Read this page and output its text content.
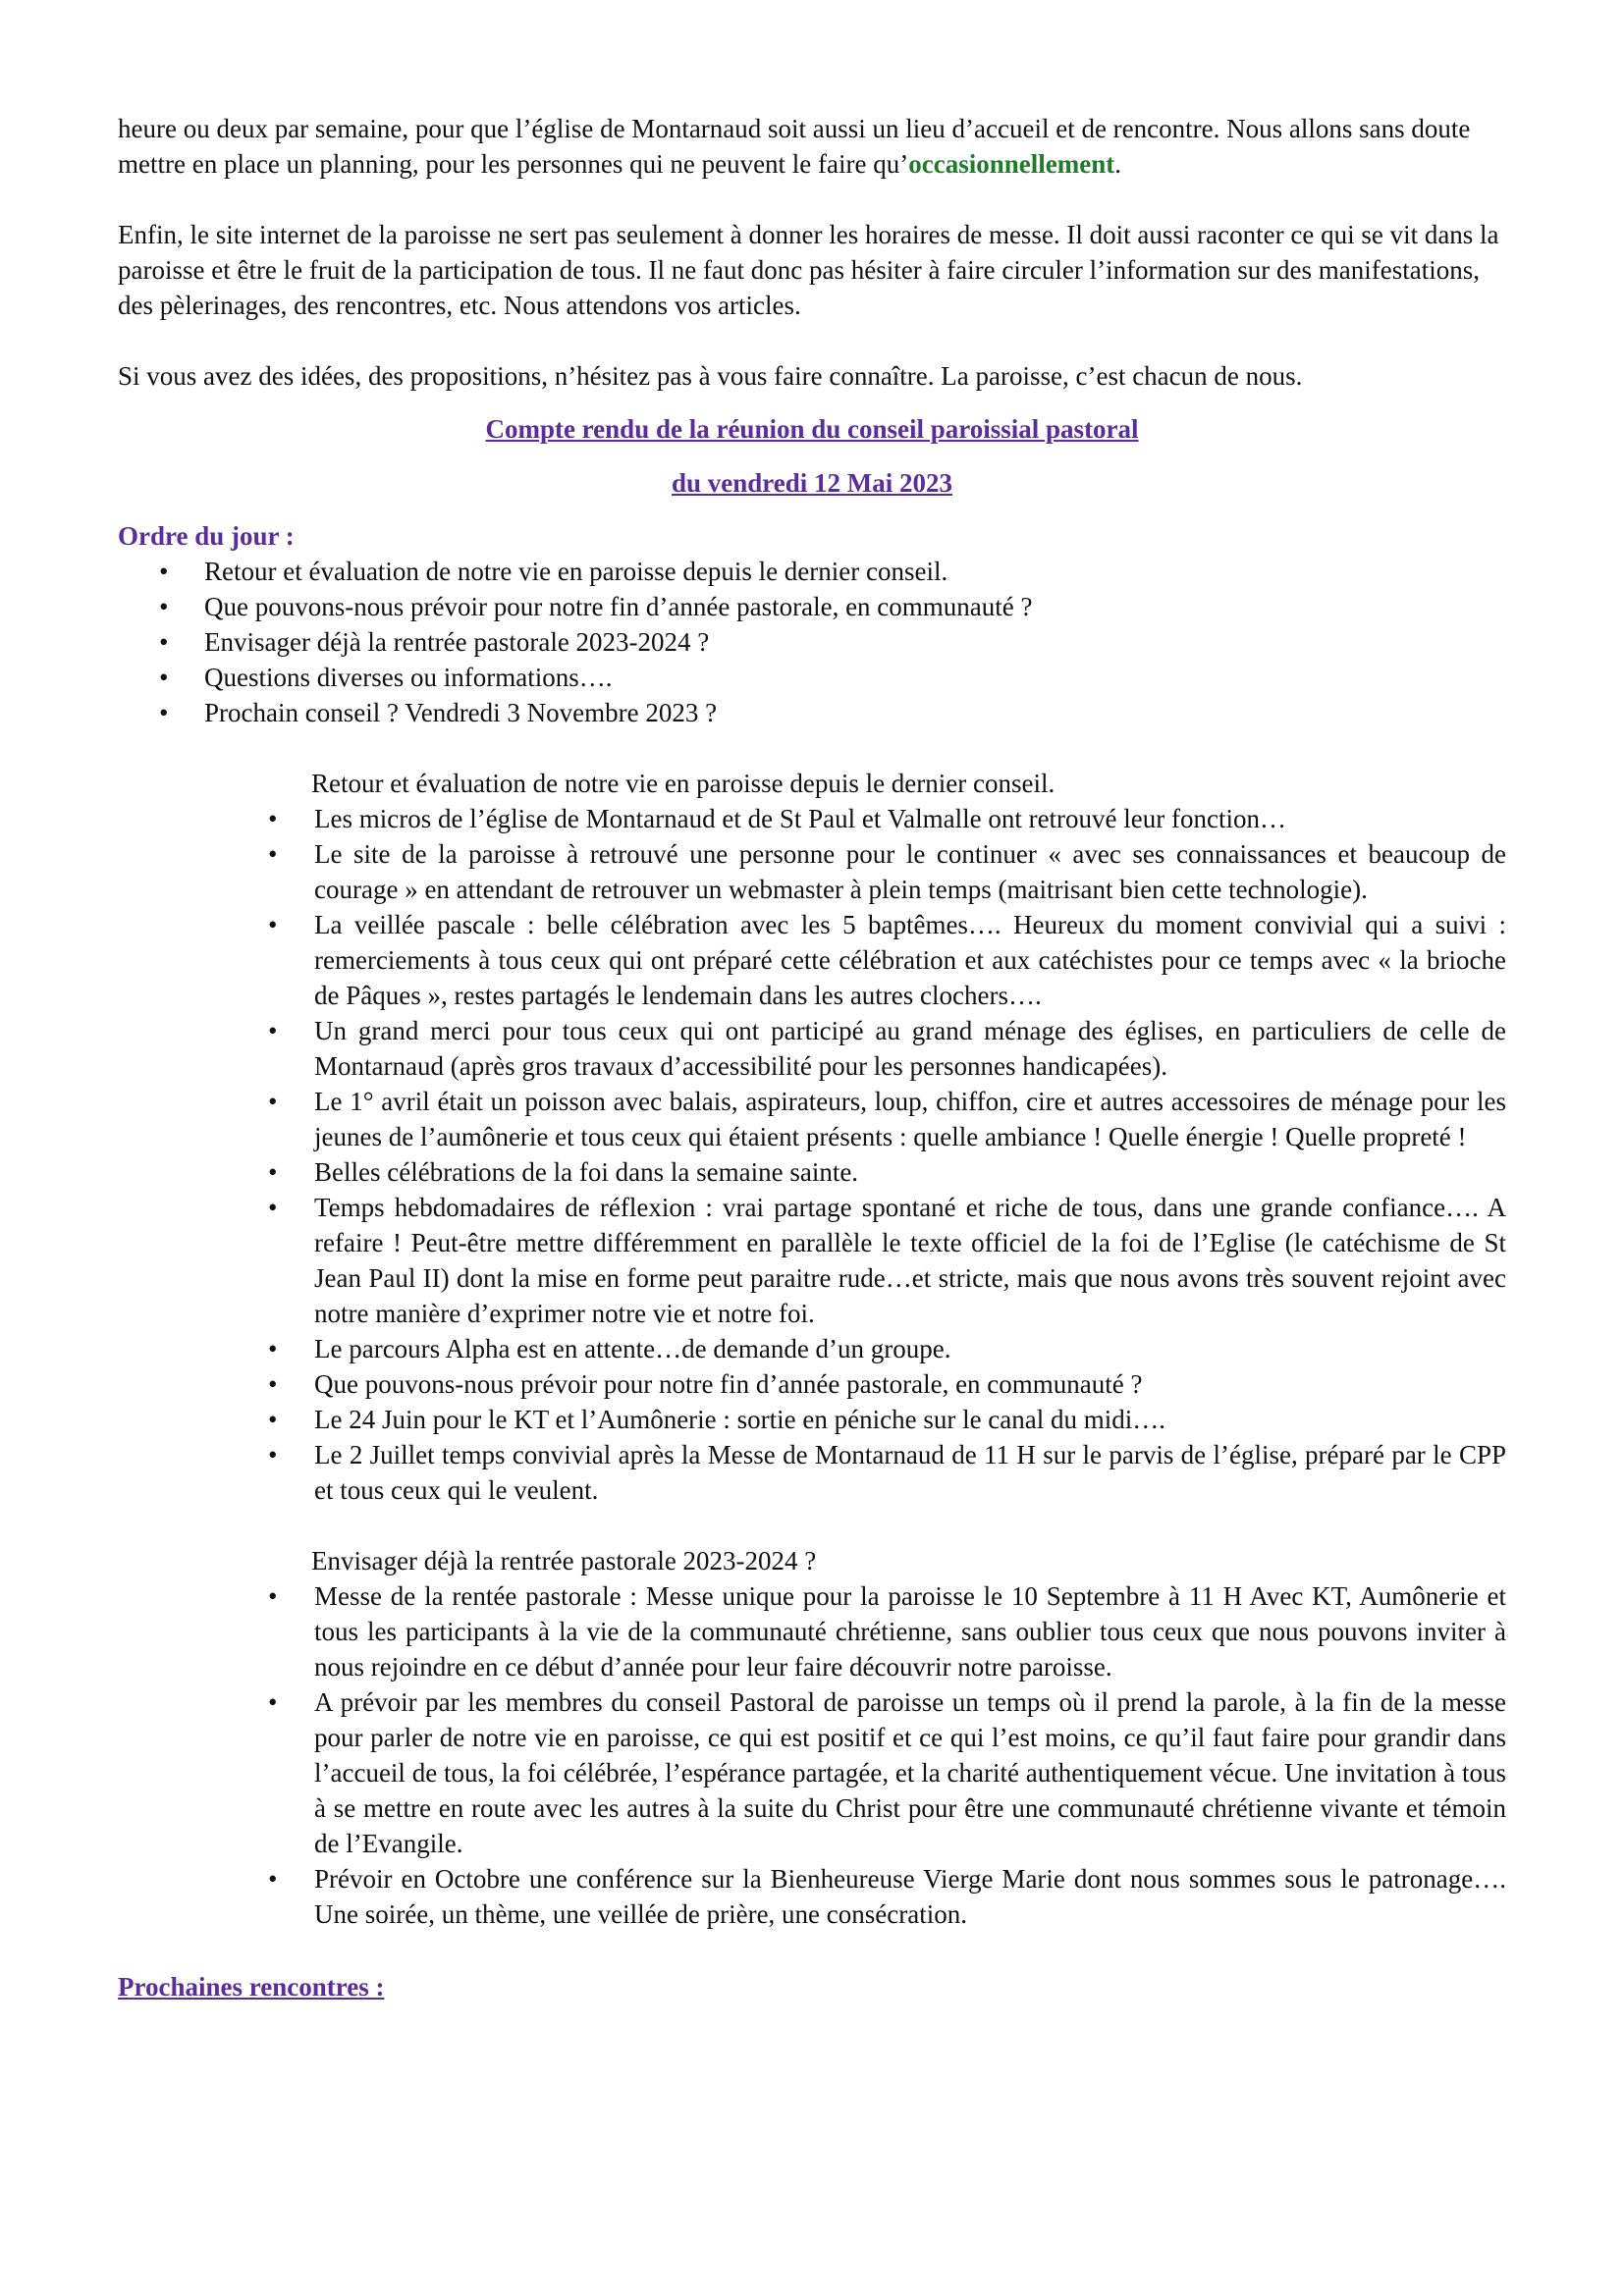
heure ou deux par semaine, pour que l’église de Montarnaud soit aussi un lieu d’accueil et de rencontre. Nous allons sans doute mettre en place un planning, pour les personnes qui ne peuvent le faire qu’occasionnellement.

Enfin, le site internet de la paroisse ne sert pas seulement à donner les horaires de messe. Il doit aussi raconter ce qui se vit dans la paroisse et être le fruit de la participation de tous. Il ne faut donc pas hésiter à faire circuler l’information sur des manifestations, des pèlerinages, des rencontres, etc. Nous attendons vos articles.

Si vous avez des idées, des propositions, n’hésitez pas à vous faire connaître. La paroisse, c’est chacun de nous.

Compte rendu de la réunion du conseil paroissial pastoral

du vendredi 12 Mai 2023

Ordre du jour :

• Retour et évaluation de notre vie en paroisse depuis le dernier conseil.
• Que pouvons-nous prévoir pour notre fin d’année pastorale, en communauté ?
• Envisager déjà la rentrée pastorale 2023-2024 ?
• Questions diverses ou informations….
• Prochain conseil ? Vendredi 3 Novembre 2023 ?

Retour et évaluation de notre vie en paroisse depuis le dernier conseil.

• Les micros de l’église de Montarnaud et de St Paul et Valmalle ont retrouvé leur fonction…
• Le site de la paroisse à retrouvé une personne pour le continuer « avec ses connaissances et beaucoup de courage » en attendant de retrouver un webmaster à plein temps (maitrisant bien cette technologie).
• La veillée pascale : belle célébration avec les 5 baptêmes…. Heureux du moment convivial qui a suivi : remerciements à tous ceux qui ont préparé cette célébration et aux catéchistes pour ce temps avec « la brioche de Pâques », restes partagés le lendemain dans les autres clochers….
• Un grand merci pour tous ceux qui ont participé au grand ménage des églises, en particuliers de celle de Montarnaud (après gros travaux d’accessibilité pour les personnes handicapées).
• Le 1° avril était un poisson avec balais, aspirateurs, loup, chiffon, cire et autres accessoires de ménage pour les jeunes de l’aumônerie et tous ceux qui étaient présents : quelle ambiance ! Quelle énergie ! Quelle propreté !
• Belles célébrations de la foi dans la semaine sainte.
• Temps hebdomadaires de réflexion : vrai partage spontané et riche de tous, dans une grande confiance…. A refaire ! Peut-être mettre différemment en parallèle le texte officiel de la foi de l’Eglise (le catéchisme de St Jean Paul II) dont la mise en forme peut paraitre rude…et stricte, mais que nous avons très souvent rejoint avec notre manière d’exprimer notre vie et notre foi.
• Le parcours Alpha est en attente…de demande d’un groupe.
• Que pouvons-nous prévoir pour notre fin d’année pastorale, en communauté ?
• Le 24 Juin pour le KT et l’Aumônerie : sortie en péniche sur le canal du midi….
• Le 2 Juillet temps convivial après la Messe de Montarnaud de 11 H sur le parvis de l’église, préparé par le CPP et tous ceux qui le veulent.

Envisager déjà la rentrée pastorale 2023-2024 ?

• Messe de la rentée pastorale : Messe unique pour la paroisse le 10 Septembre à 11 H Avec KT, Aumônerie et tous les participants à la vie de la communauté chrétienne, sans oublier tous ceux que nous pouvons inviter à nous rejoindre en ce début d’année pour leur faire découvrir notre paroisse.
• A prévoir par les membres du conseil Pastoral de paroisse un temps où il prend la parole, à la fin de la messe pour parler de notre vie en paroisse, ce qui est positif et ce qui l’est moins, ce qu’il faut faire pour grandir dans l’accueil de tous, la foi célébrée, l’espérance partagée, et la charité authentiquement vécue. Une invitation à tous à se mettre en route avec les autres à la suite du Christ pour être une communauté chrétienne vivante et témoin de l’Evangile.
• Prévoir en Octobre une conférence sur la Bienheureuse Vierge Marie dont nous sommes sous le patronage…. Une soirée, un thème, une veillée de prière, une consécration.

Prochaines rencontres :
